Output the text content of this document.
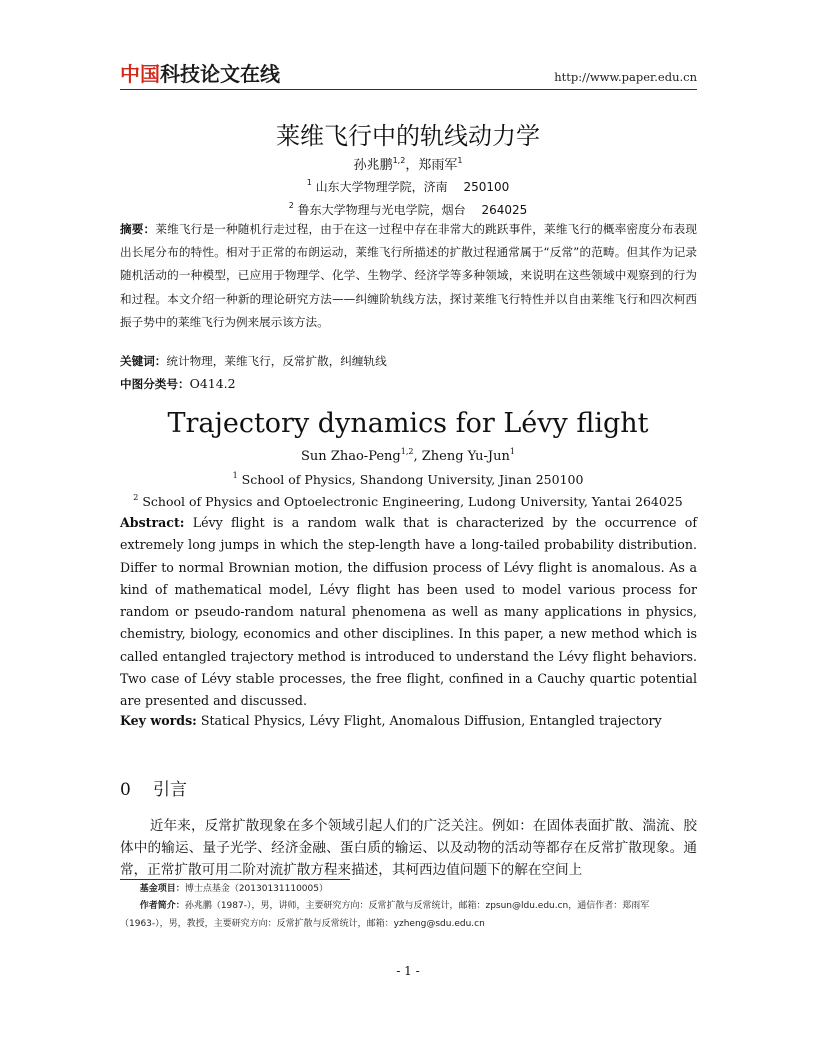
中国科技论文在线	http://www.paper.edu.cn
莱维飞行中的轨线动力学
孙兆鹏$^{1,2}$，郑雨军$^1$
$^1$ 山东大学物理学院，济南　 250100
$^2$ 鲁东大学物理与光电学院，烟台　 264025
摘要：莱维飞行是一种随机行走过程，由于在这一过程中存在非常大的跳跃事件，莱维飞行的概率密度分布表现出长尾分布的特性。相对于正常的布朗运动，莱维飞行所描述的扩散过程通常属于“反常”的范畴。但其作为记录随机活动的一种模型，已应用于物理学、化学、生物学、经济学等多种领域，来说明在这些领域中观察到的行为和过程。本文介绍一种新的理论研究方法——纠缠阶轨线方法，探讨莱维飞行特性并以自由莱维飞行和四次柯西振子势中的莱维飞行为例来展示该方法。
关键词：统计物理，莱维飞行，反常扩散，纠缠轨线
中图分类号：O414.2
Trajectory dynamics for Lévy flight
Sun Zhao-Peng$^{1,2}$, Zheng Yu-Jun$^1$
$^1$ School of Physics, Shandong University, Jinan 250100
$^2$ School of Physics and Optoelectronic Engineering, Ludong University, Yantai 264025
Abstract: Lévy flight is a random walk that is characterized by the occurrence of extremely long jumps in which the step-length have a long-tailed probability distribution. Differ to normal Brownian motion, the diffusion process of Lévy flight is anomalous. As a kind of mathematical model, Lévy flight has been used to model various process for random or pseudo-random natural phenomena as well as many applications in physics, chemistry, biology, economics and other disciplines. In this paper, a new method which is called entangled trajectory method is introduced to understand the Lévy flight behaviors. Two case of Lévy stable processes, the free flight, confined in a Cauchy quartic potential are presented and discussed.
Key words: Statical Physics, Lévy Flight, Anomalous Diffusion, Entangled trajectory
0 引言
近年来，反常扩散现象在多个领域引起人们的广泛关注。例如：在固体表面扩散、湍流、胶体中的输运、量子光学、经济金融、蛋白质的输运、以及动物的活动等都存在反常扩散现象。通常，正常扩散可用二阶对流扩散方程来描述，其柯西边值问题下的解在空间上
基金项目：博士点基金（20130131110005）
作者简介：孙兆鹏（1987-），男，讲师，主要研究方向：反常扩散与反常统计，邮箱：zpsun@ldu.edu.cn，通信作者：郑雨军（1963-），男，教授，主要研究方向：反常扩散与反常统计，邮箱：yzheng@sdu.edu.cn
- 1 -
